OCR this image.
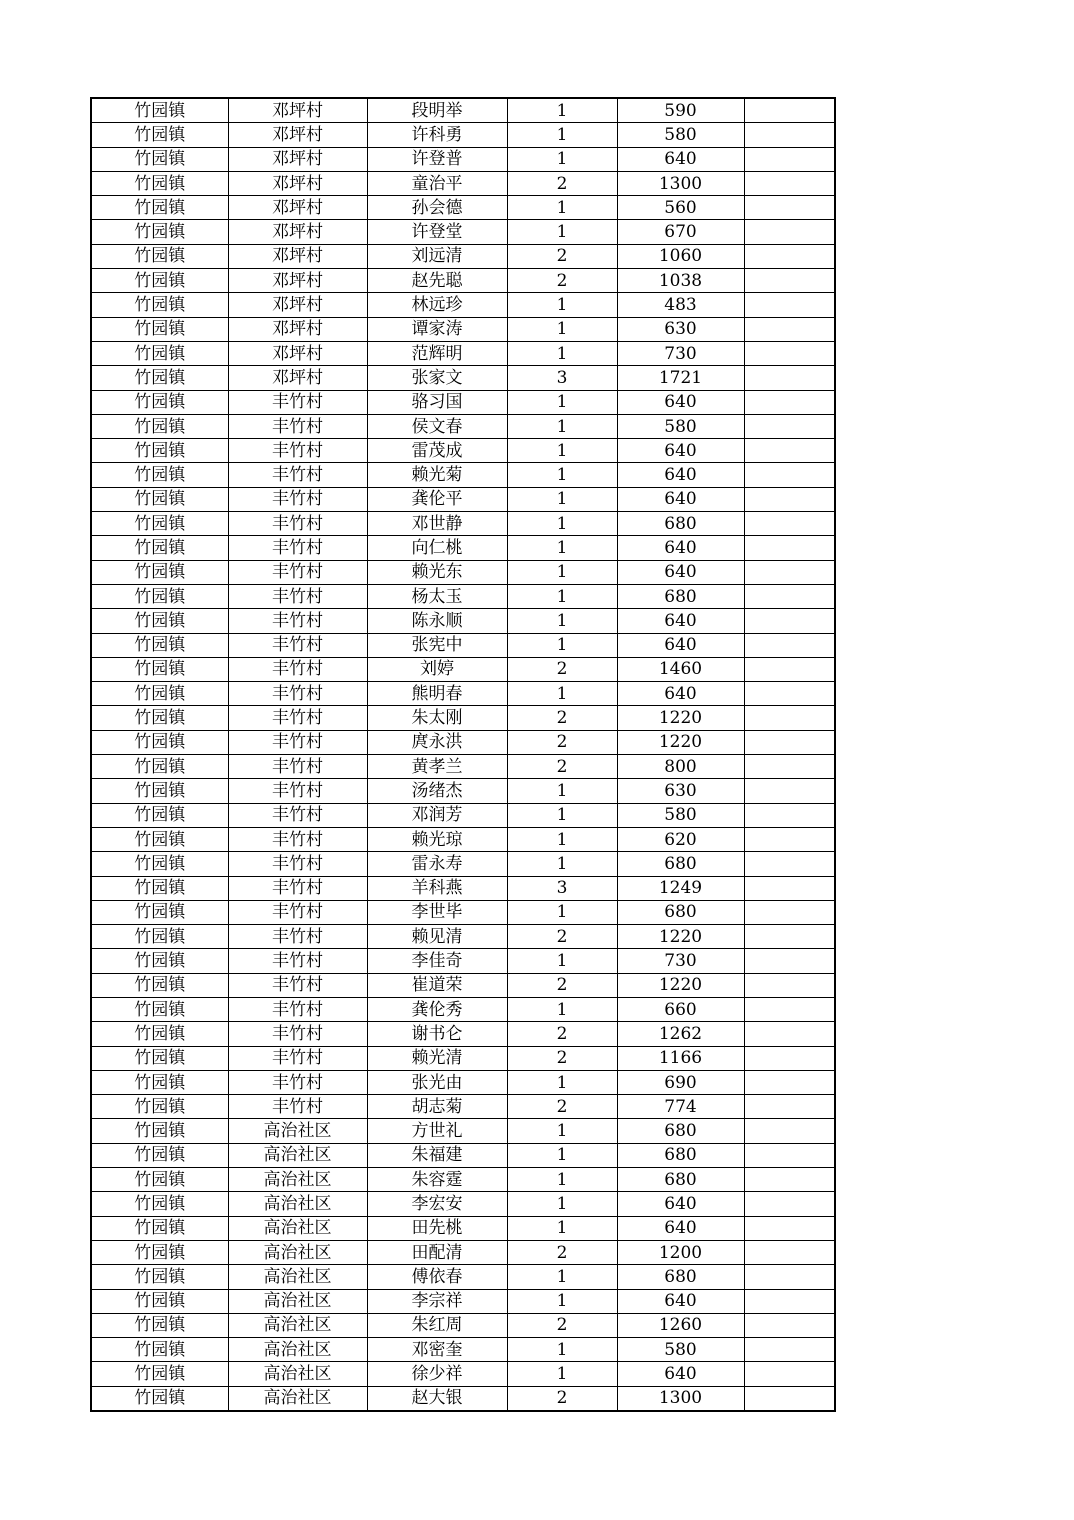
竹园镇	邓坪村	段明举	1	590	
竹园镇	邓坪村	许科勇	1	580	
竹园镇	邓坪村	许登普	1	640	
竹园镇	邓坪村	童治平	2	1300	
竹园镇	邓坪村	孙会德	1	560	
竹园镇	邓坪村	许登堂	1	670	
竹园镇	邓坪村	刘远清	2	1060	
竹园镇	邓坪村	赵先聪	2	1038	
竹园镇	邓坪村	林远珍	1	483	
竹园镇	邓坪村	谭家涛	1	630	
竹园镇	邓坪村	范辉明	1	730	
竹园镇	邓坪村	张家文	3	1721	
竹园镇	丰竹村	骆习国	1	640	
竹园镇	丰竹村	侯文春	1	580	
竹园镇	丰竹村	雷茂成	1	640	
竹园镇	丰竹村	赖光菊	1	640	
竹园镇	丰竹村	龚伦平	1	640	
竹园镇	丰竹村	邓世静	1	680	
竹园镇	丰竹村	向仁桃	1	640	
竹园镇	丰竹村	赖光东	1	640	
竹园镇	丰竹村	杨太玉	1	680	
竹园镇	丰竹村	陈永顺	1	640	
竹园镇	丰竹村	张宪中	1	640	
竹园镇	丰竹村	刘婷	2	1460	
竹园镇	丰竹村	熊明春	1	640	
竹园镇	丰竹村	朱太刚	2	1220	
竹园镇	丰竹村	庹永洪	2	1220	
竹园镇	丰竹村	黄孝兰	2	800	
竹园镇	丰竹村	汤绪杰	1	630	
竹园镇	丰竹村	邓润芳	1	580	
竹园镇	丰竹村	赖光琼	1	620	
竹园镇	丰竹村	雷永寿	1	680	
竹园镇	丰竹村	羊科燕	3	1249	
竹园镇	丰竹村	李世毕	1	680	
竹园镇	丰竹村	赖见清	2	1220	
竹园镇	丰竹村	李佳奇	1	730	
竹园镇	丰竹村	崔道荣	2	1220	
竹园镇	丰竹村	龚伦秀	1	660	
竹园镇	丰竹村	谢书仑	2	1262	
竹园镇	丰竹村	赖光清	2	1166	
竹园镇	丰竹村	张光由	1	690	
竹园镇	丰竹村	胡志菊	2	774	
竹园镇	高治社区	方世礼	1	680	
竹园镇	高治社区	朱福建	1	680	
竹园镇	高治社区	朱容霆	1	680	
竹园镇	高治社区	李宏安	1	640	
竹园镇	高治社区	田先桃	1	640	
竹园镇	高治社区	田配清	2	1200	
竹园镇	高治社区	傅依春	1	680	
竹园镇	高治社区	李宗祥	1	640	
竹园镇	高治社区	朱红周	2	1260	
竹园镇	高治社区	邓密奎	1	580	
竹园镇	高治社区	徐少祥	1	640	
竹园镇	高治社区	赵大银	2	1300	
